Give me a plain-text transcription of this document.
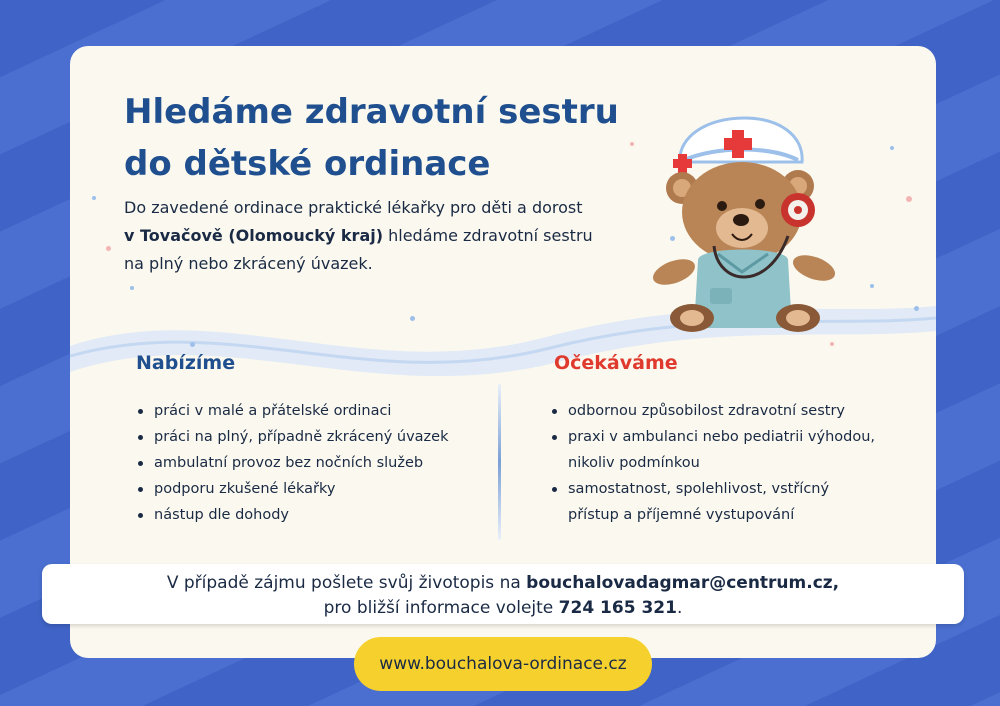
Hledáme zdravotní sestru
do dětské ordinace
Do zavedené ordinace praktické lékařky pro děti a dorost
v Tovačově (Olomoucký kraj) hledáme zdravotní sestru
na plný nebo zkrácený úvazek.
Nabízíme
práci v malé a přátelské ordinaci
práci na plný, případně zkrácený úvazek
ambulatní provoz bez nočních služeb
podporu zkušené lékařky
nástup dle dohody
Očekáváme
odbornou způsobilost zdravotní sestry
praxi v ambulanci nebo pediatrii výhodou, nikoliv podmínkou
samostatnost, spolehlivost, vstřícný přístup a příjemné vystupování
V případě zájmu pošlete svůj životopis na bouchalovadagmar@centrum.cz,
pro bližší informace volejte 724 165 321.
www.bouchalova-ordinace.cz
